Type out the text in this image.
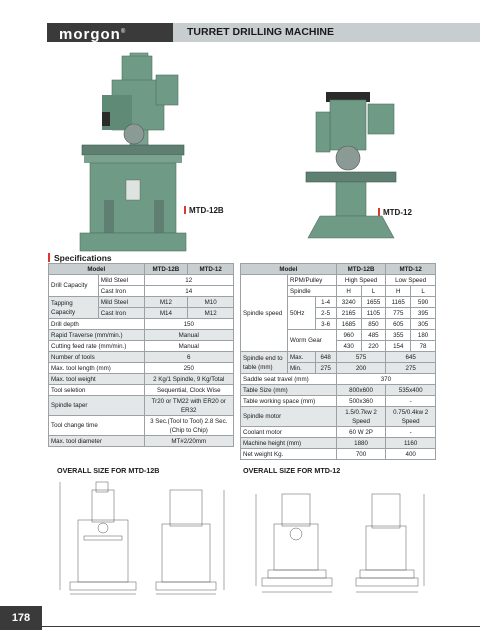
morgon®	TURRET DRILLING MACHINE
MTD-12B	MTD-12
Specifications
Model		MTD-12B	MTD-12
Drill Capacity	Mild Steel	12	
	Cast Iron	14	
Tapping Capacity	Mild Steel	M12	M10
	Cast Iron	M14	M12
Drill depth		150	
Rapid Traverse (mm/min.)		Manual	
Cutting feed rate (mm/min.)		Manual	
Number of tools		6	
Max. tool length (mm)		250	
Max. tool weight		2 Kg/1 Spindle, 9 Kg/Total	
Tool seletion		Sequential, Clock Wise	
Spindle taper		Tr20 or TM22 with ER20 or ER32	
Tool change time		3 Sec.(Tool to Tool) 2.8 Sec.(Chip to Chip)	
Max. tool diameter		MT#2/20mm	
Model			MTD-12B		MTD-12	
Spindle speed	RPM/Pulley		High Speed		Low Speed	
	Spindle		H	L	H	L
	50Hz	1-4	3240	1655	1165	590
		2-5	2165	1105	775	395
		3-6	1685	850	605	305
	Worm Gear		960	485	355	180
			430	220	154	78
Spindle end to table (mm)	Max.	648	575		645	
	Min.	275	200		275	
Saddle seat travel (mm)			370			
Table Size (mm)			800x600		535x400	
Table working space (mm)			500x360		-	
Spindle motor			1.5/0.7kw 2 Speed		0.75/0.4kw 2 Speed	
Coolant motor			60 W 2P		-	
Machine height (mm)			1880		1160	
Net weight Kg.			700		400	
OVERALL SIZE FOR MTD-12B	OVERALL SIZE FOR MTD-12
178
